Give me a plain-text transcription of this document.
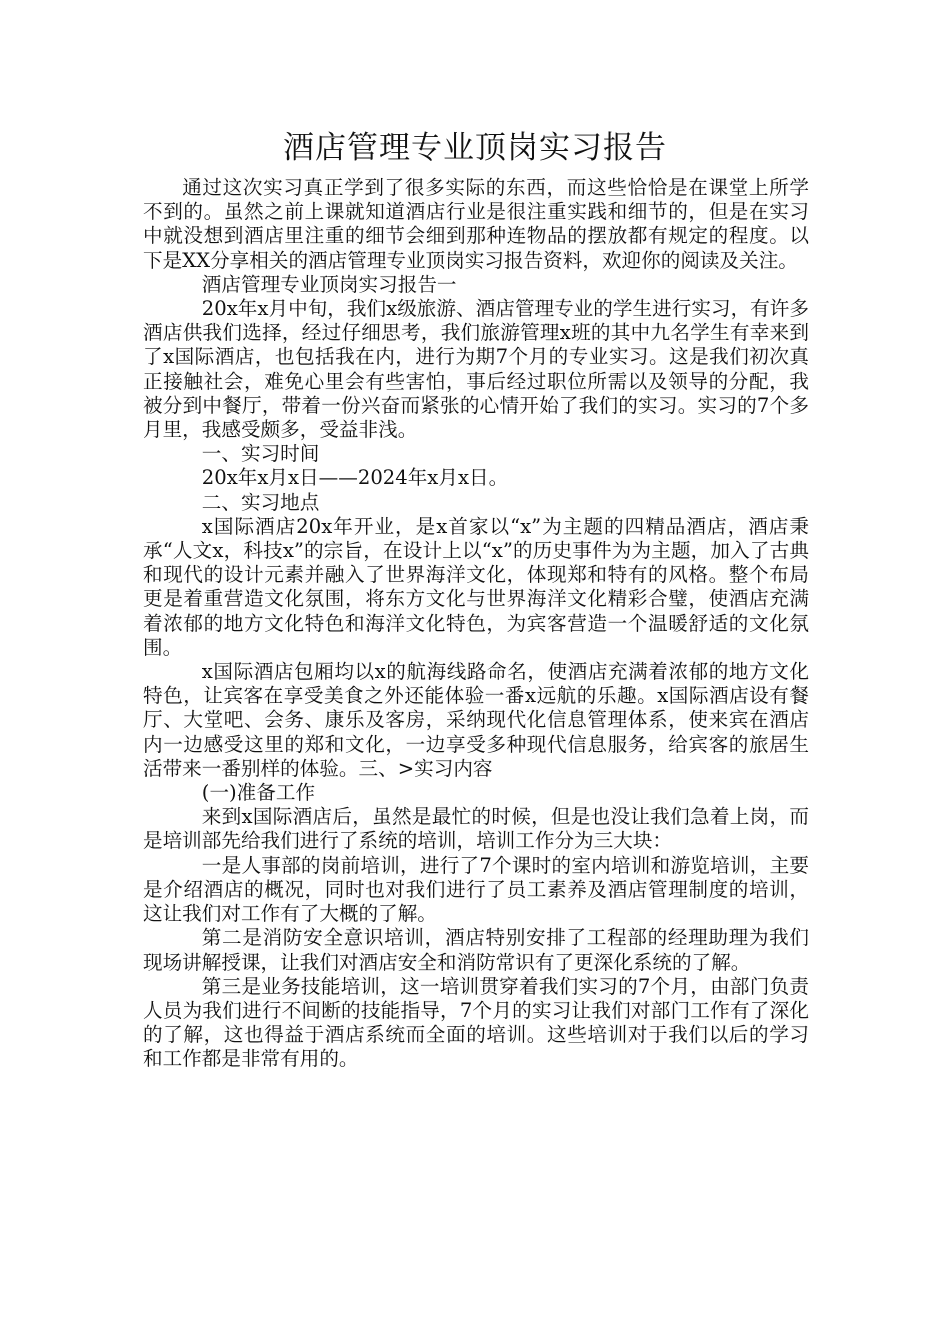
酒店管理专业顶岗实习报告

通过这次实习真正学到了很多实际的东西，而这些恰恰是在课堂上所学不到的。虽然之前上课就知道酒店行业是很注重实践和细节的，但是在实习中就没想到酒店里注重的细节会细到那种连物品的摆放都有规定的程度。以下是XX分享相关的酒店管理专业顶岗实习报告资料，欢迎你的阅读及关注。

酒店管理专业顶岗实习报告一

20x年x月中旬，我们x级旅游、酒店管理专业的学生进行实习，有许多酒店供我们选择，经过仔细思考，我们旅游管理x班的其中九名学生有幸来到了x国际酒店，也包括我在内，进行为期7个月的专业实习。这是我们初次真正接触社会，难免心里会有些害怕，事后经过职位所需以及领导的分配，我被分到中餐厅，带着一份兴奋而紧张的心情开始了我们的实习。实习的7个多月里，我感受颇多，受益非浅。

一、实习时间

20x年x月x日——2024年x月x日。

二、实习地点

x国际酒店20x年开业，是x首家以“x”为主题的四精品酒店，酒店秉承“人文x，科技x”的宗旨，在设计上以“x”的历史事件为为主题，加入了古典和现代的设计元素并融入了世界海洋文化，体现郑和特有的风格。整个布局更是着重营造文化氛围，将东方文化与世界海洋文化精彩合璧，使酒店充满着浓郁的地方文化特色和海洋文化特色，为宾客营造一个温暖舒适的文化氛围。

x国际酒店包厢均以x的航海线路命名，使酒店充满着浓郁的地方文化特色，让宾客在享受美食之外还能体验一番x远航的乐趣。x国际酒店设有餐厅、大堂吧、会务、康乐及客房，采纳现代化信息管理体系，使来宾在酒店内一边感受这里的郑和文化，一边享受多种现代信息服务，给宾客的旅居生活带来一番别样的体验。三、>实习内容

(一)准备工作

来到x国际酒店后，虽然是最忙的时候，但是也没让我们急着上岗，而是培训部先给我们进行了系统的培训，培训工作分为三大块：

一是人事部的岗前培训，进行了7个课时的室内培训和游览培训，主要是介绍酒店的概况，同时也对我们进行了员工素养及酒店管理制度的培训，这让我们对工作有了大概的了解。

第二是消防安全意识培训，酒店特别安排了工程部的经理助理为我们现场讲解授课，让我们对酒店安全和消防常识有了更深化系统的了解。

第三是业务技能培训，这一培训贯穿着我们实习的7个月，由部门负责人员为我们进行不间断的技能指导，7个月的实习让我们对部门工作有了深化的了解，这也得益于酒店系统而全面的培训。这些培训对于我们以后的学习和工作都是非常有用的。
